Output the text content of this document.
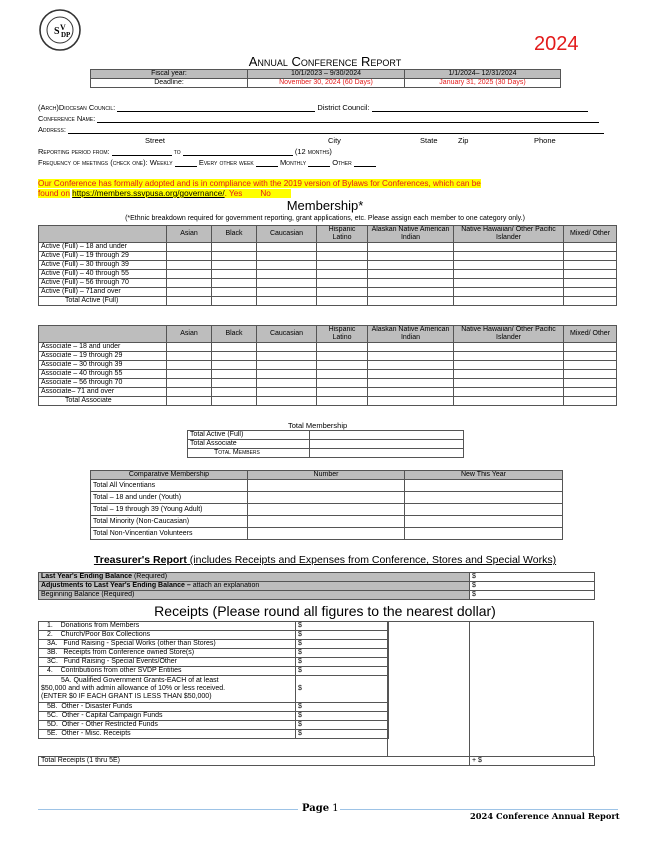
S V
DP	2024
Annual Conference Report
Fiscal year:	10/1/2023 – 9/30/2024	1/1/2024– 12/31/2024
Deadline:	November 30, 2024 (60 Days)	January 31, 2025 (30 Days)
(Arch)Diocesan Council:	District Council:
Conference Name:
Address:
Street	City	State	Zip	Phone
Reporting period from:	to	(12 months)
Frequency of meetings (check one): Weekly	Every other week	Monthly	Other
Our Conference has formally adopted and is in compliance with the 2019 version of Bylaws for Conferences, which can be
found on https://members.ssvpusa.org/governance/. Yes No
Membership*
(*Ethnic breakdown required for government reporting, grant applications, etc. Please assign each member to one category only.)
	Asian	Black	Caucasian	Hispanic Latino	Alaskan Native American Indian	Native Hawaiian/ Other Pacific Islander	Mixed/ Other
Active (Full) – 18 and under							
Active (Full) – 19 through 29							
Active (Full) – 30 through 39							
Active (Full) – 40 through 55							
Active (Full) – 56 through 70							
Active (Full) – 71and over							
Total Active (Full)							
	Asian	Black	Caucasian	Hispanic Latino	Alaskan Native American Indian	Native Hawaiian/ Other Pacific Islander	Mixed/ Other
Associate – 18 and under							
Associate – 19 through 29							
Associate – 30 through 39							
Associate – 40 through 55							
Associate – 56 through 70							
Associate– 71 and over							
Total Associate							
Total Membership
Total Active (Full)	
Total Associate	
Total Members	
Comparative Membership	Number	New This Year
Total All Vincentians		
Total – 18 and under (Youth)		
Total – 19 through 39 (Young Adult)		
Total Minority (Non-Caucasian)		
Total Non-Vincentian Volunteers		
Treasurer's Report (includes Receipts and Expenses from Conference, Stores and Special Works)
Last Year's Ending Balance (Required)	$
Adjustments to Last Year's Ending Balance – attach an explanation	$
Beginning Balance (Required)	$
Receipts (Please round all figures to the nearest dollar)
1.    Donations from Members	$
2.    Church/Poor Box Collections	$
3A.   Fund Raising - Special Works (other than Stores)	$
3B.   Receipts from Conference owned Store(s)	$
3C.   Fund Raising - Special Events/Other	$
4.    Contributions from other SVDP Entities	$

5A. Qualified Government Grants-EACH of at least
$50,000 and with admin allowance of 10% or less received.
(ENTER $0 IF EACH GRANT IS LESS THAN $50,000)	$
5B.  Other - Disaster Funds	$
5C.  Other - Capital Campaign Funds	$
5D.  Other - Other Restricted Funds	$
5E.  Other - Misc. Receipts	$
Total Receipts (1 thru 5E)	+ $
Page 1
2024 Conference Annual Report
